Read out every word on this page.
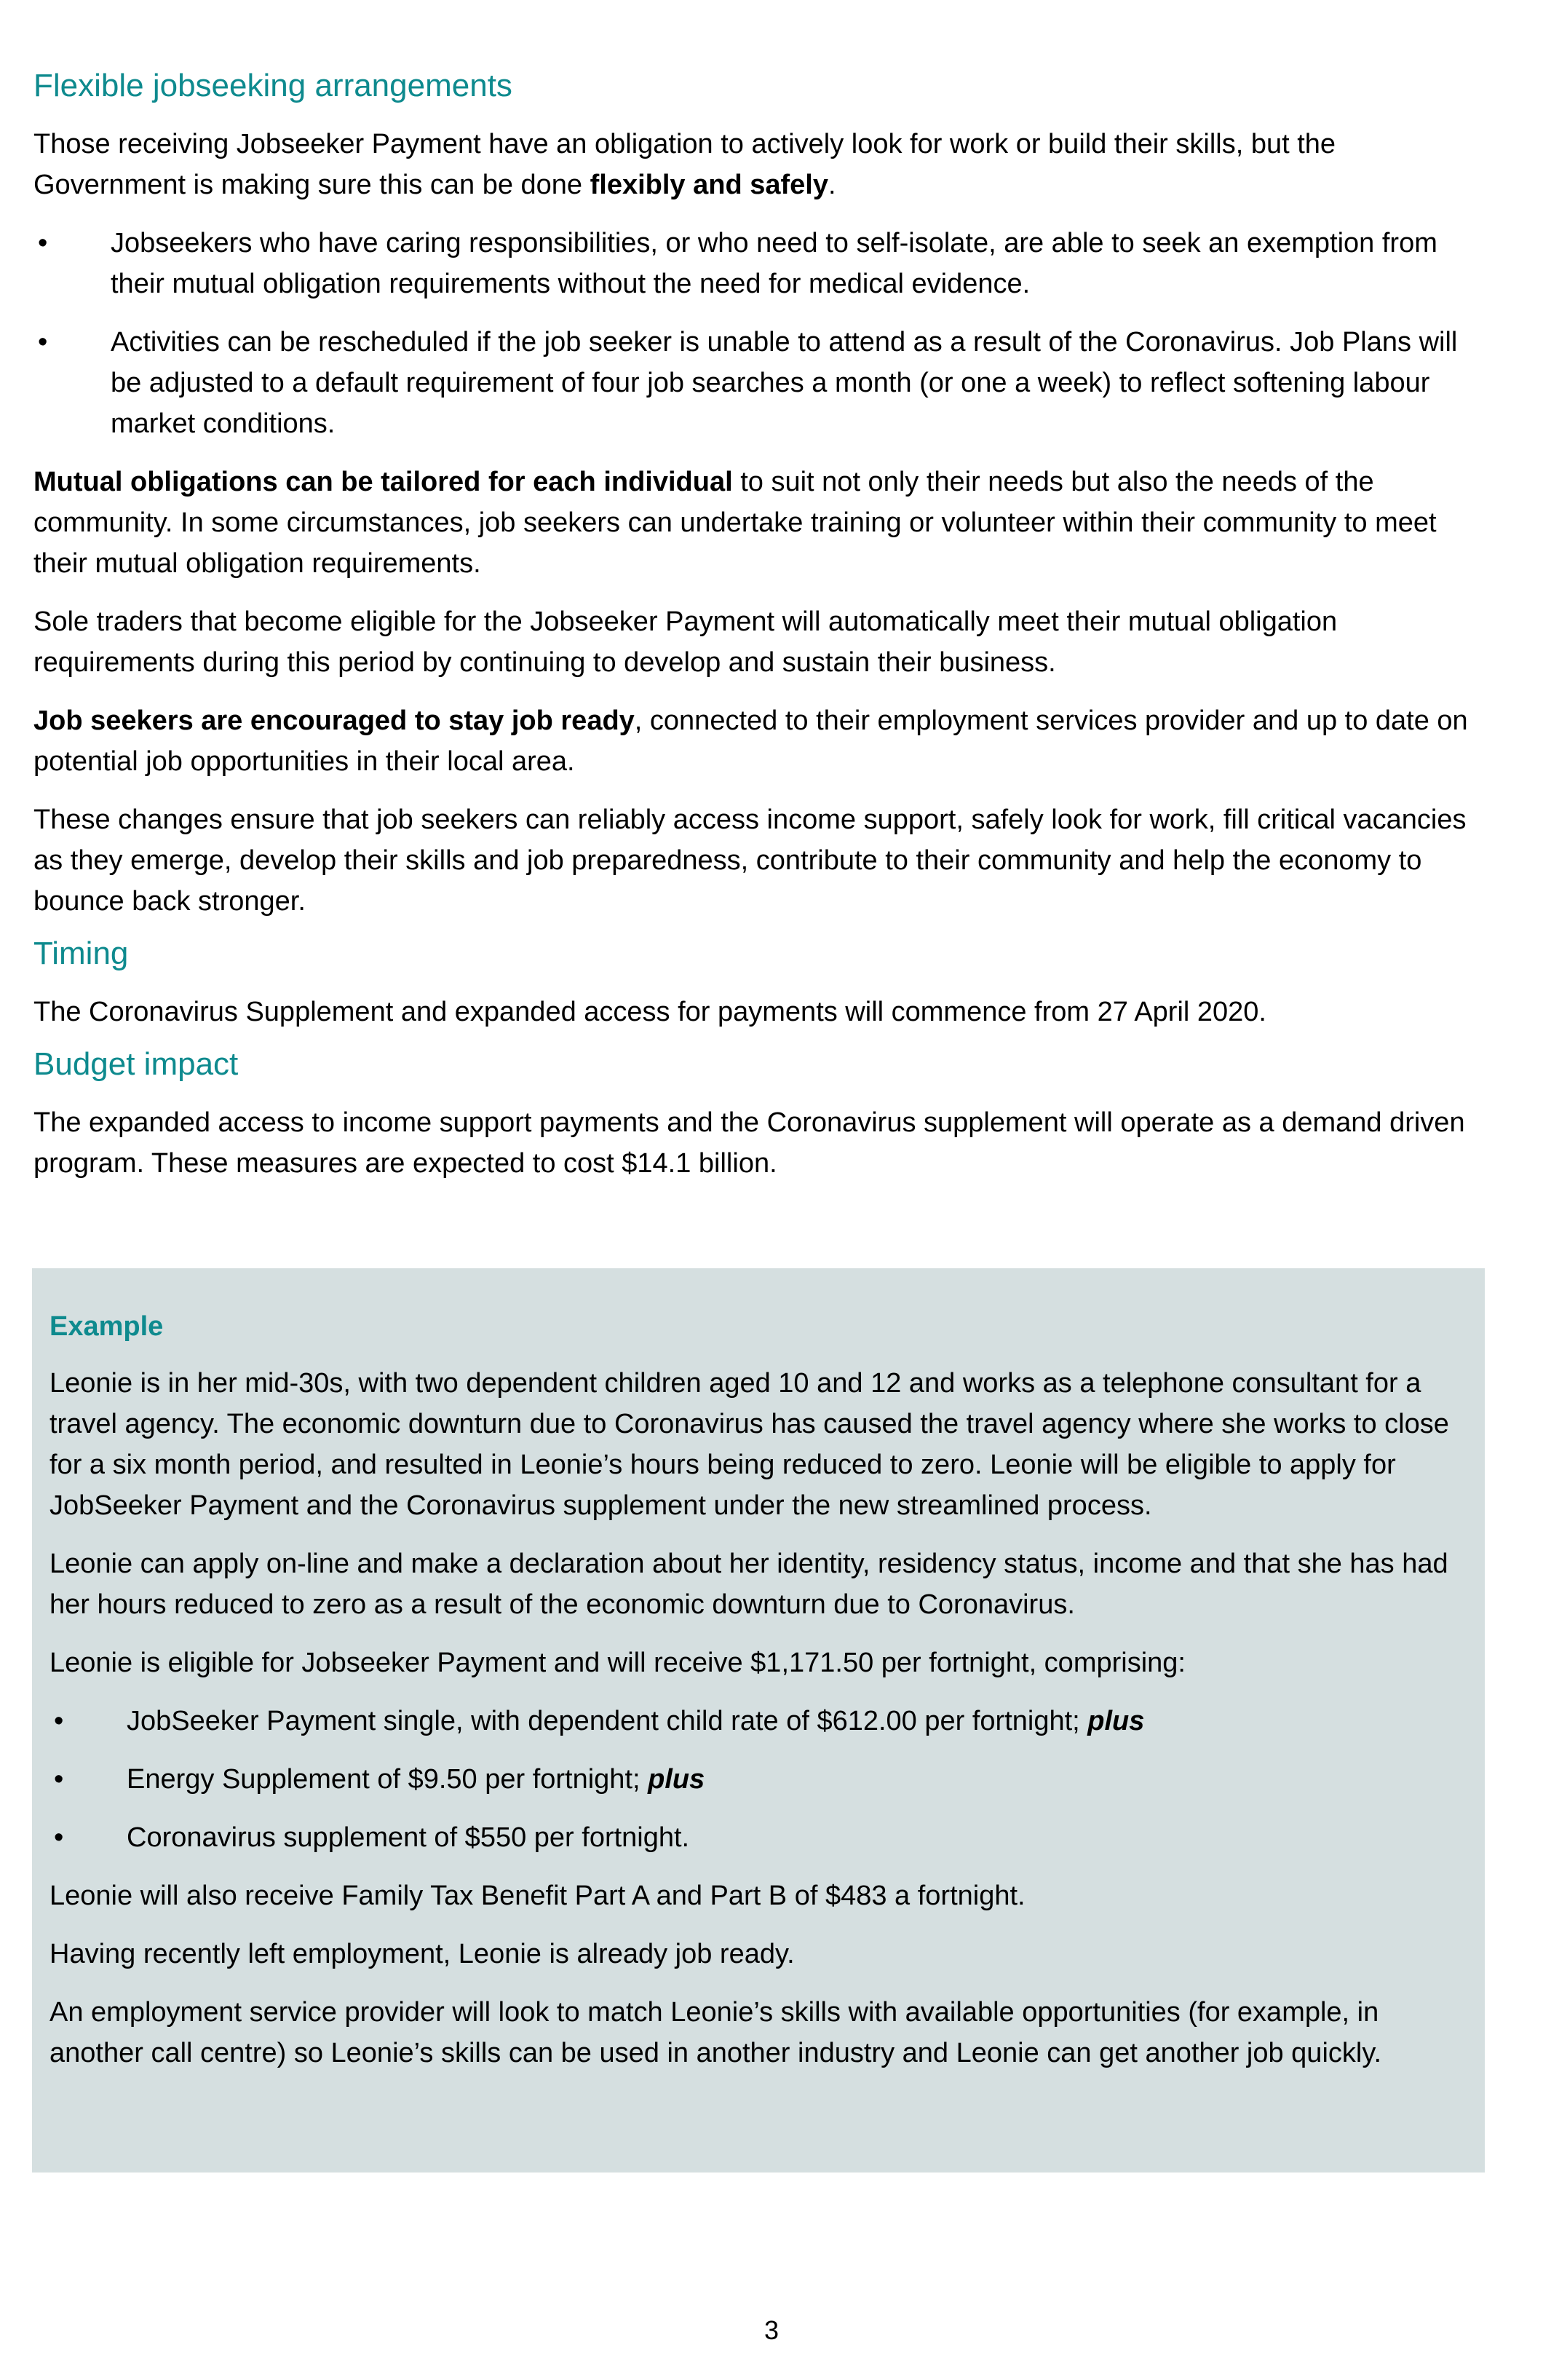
Flexible jobseeking arrangements

Those receiving Jobseeker Payment have an obligation to actively look for work or build their skills, but the Government is making sure this can be done flexibly and safely.

• Jobseekers who have caring responsibilities, or who need to self-isolate, are able to seek an exemption from their mutual obligation requirements without the need for medical evidence.
• Activities can be rescheduled if the job seeker is unable to attend as a result of the Coronavirus. Job Plans will be adjusted to a default requirement of four job searches a month (or one a week) to reflect softening labour market conditions.

Mutual obligations can be tailored for each individual to suit not only their needs but also the needs of the community. In some circumstances, job seekers can undertake training or volunteer within their community to meet their mutual obligation requirements.

Sole traders that become eligible for the Jobseeker Payment will automatically meet their mutual obligation requirements during this period by continuing to develop and sustain their business.

Job seekers are encouraged to stay job ready, connected to their employment services provider and up to date on potential job opportunities in their local area.

These changes ensure that job seekers can reliably access income support, safely look for work, fill critical vacancies as they emerge, develop their skills and job preparedness, contribute to their community and help the economy to bounce back stronger.

Timing

The Coronavirus Supplement and expanded access for payments will commence from 27 April 2020.

Budget impact

The expanded access to income support payments and the Coronavirus supplement will operate as a demand driven program. These measures are expected to cost $14.1 billion.

Example

Leonie is in her mid-30s, with two dependent children aged 10 and 12 and works as a telephone consultant for a travel agency. The economic downturn due to Coronavirus has caused the travel agency where she works to close for a six month period, and resulted in Leonie’s hours being reduced to zero. Leonie will be eligible to apply for JobSeeker Payment and the Coronavirus supplement under the new streamlined process.

Leonie can apply on-line and make a declaration about her identity, residency status, income and that she has had her hours reduced to zero as a result of the economic downturn due to Coronavirus.

Leonie is eligible for Jobseeker Payment and will receive $1,171.50 per fortnight, comprising:

• JobSeeker Payment single, with dependent child rate of $612.00 per fortnight; plus
• Energy Supplement of $9.50 per fortnight; plus
• Coronavirus supplement of $550 per fortnight.

Leonie will also receive Family Tax Benefit Part A and Part B of $483 a fortnight.

Having recently left employment, Leonie is already job ready.

An employment service provider will look to match Leonie’s skills with available opportunities (for example, in another call centre) so Leonie’s skills can be used in another industry and Leonie can get another job quickly.

3
